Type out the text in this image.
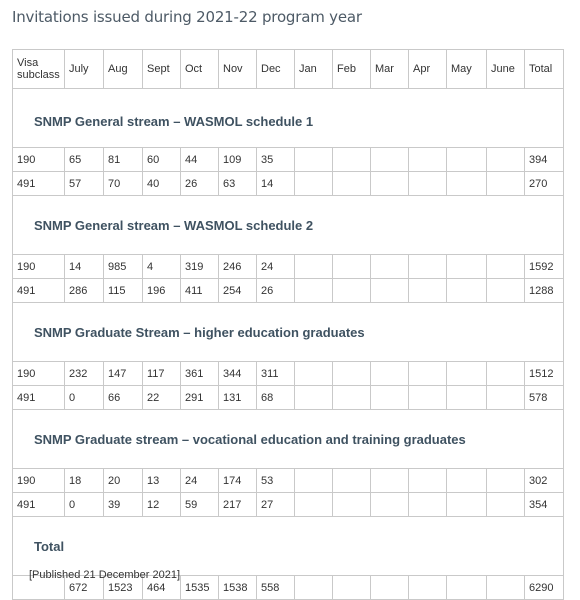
Invitations issued during 2021-22 program year
Visa subclass	July	Aug	Sept	Oct	Nov	Dec	Jan	Feb	Mar	Apr	May	June	Total
SNMP General stream – WASMOL schedule 1													
190	65	81	60	44	109	35							394
491	57	70	40	26	63	14							270
SNMP General stream – WASMOL schedule 2													
190	14	985	4	319	246	24							1592
491	286	115	196	411	254	26							1288
SNMP Graduate Stream – higher education graduates													
190	232	147	117	361	344	311							1512
491	0	66	22	291	131	68							578
SNMP Graduate stream – vocational education and training graduates													
190	18	20	13	24	174	53							302
491	0	39	12	59	217	27							354
Total													
	672	1523	464	1535	1538	558							6290
[Published 21 December 2021]
